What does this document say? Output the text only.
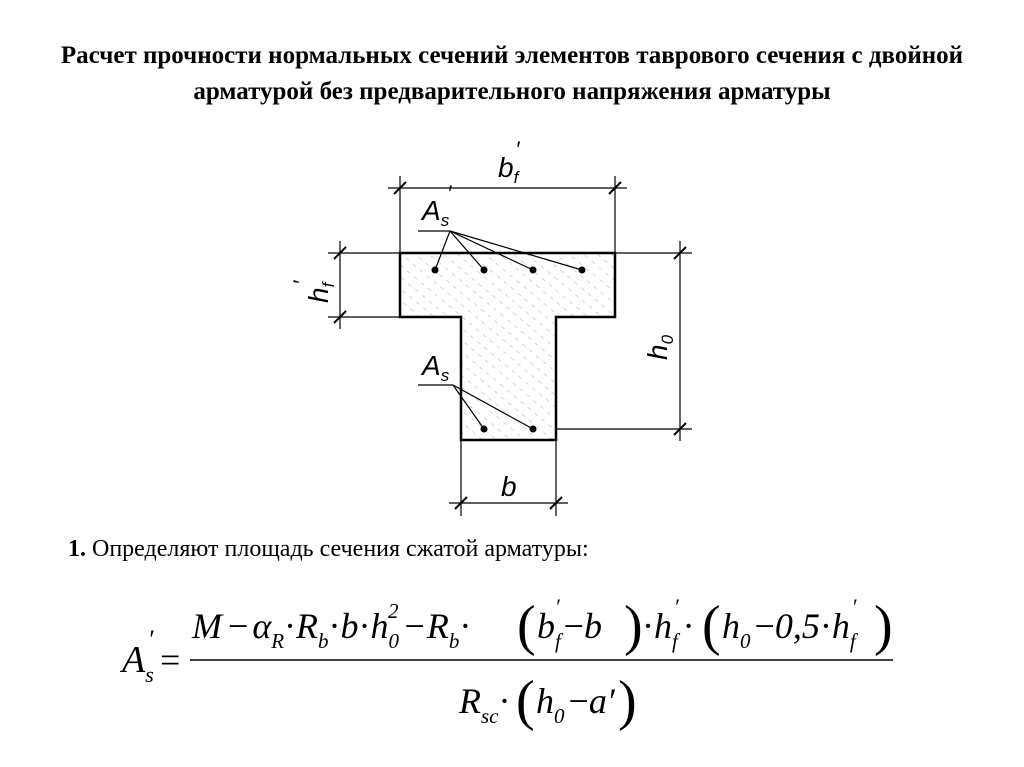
Расчет прочности нормальных сечений элементов таврового сечения с двойной арматурой без предварительного напряжения арматуры
$b_f'$
$A_s'$
$A_s$
$h_f'$
$h_0$
b
$A_s'$
=
$M - \alpha_R\cdot R_b\cdot b\cdot h_02 -R_b\cdot$ ( $b_f' -b$ ) $\cdot h_f'$ · ( $h_0 -0,5\cdot h_f'$ )
$R_{sc}\cdot$ ( $h_0 -a'$ )
1. Определяют площадь сечения сжатой арматуры:
